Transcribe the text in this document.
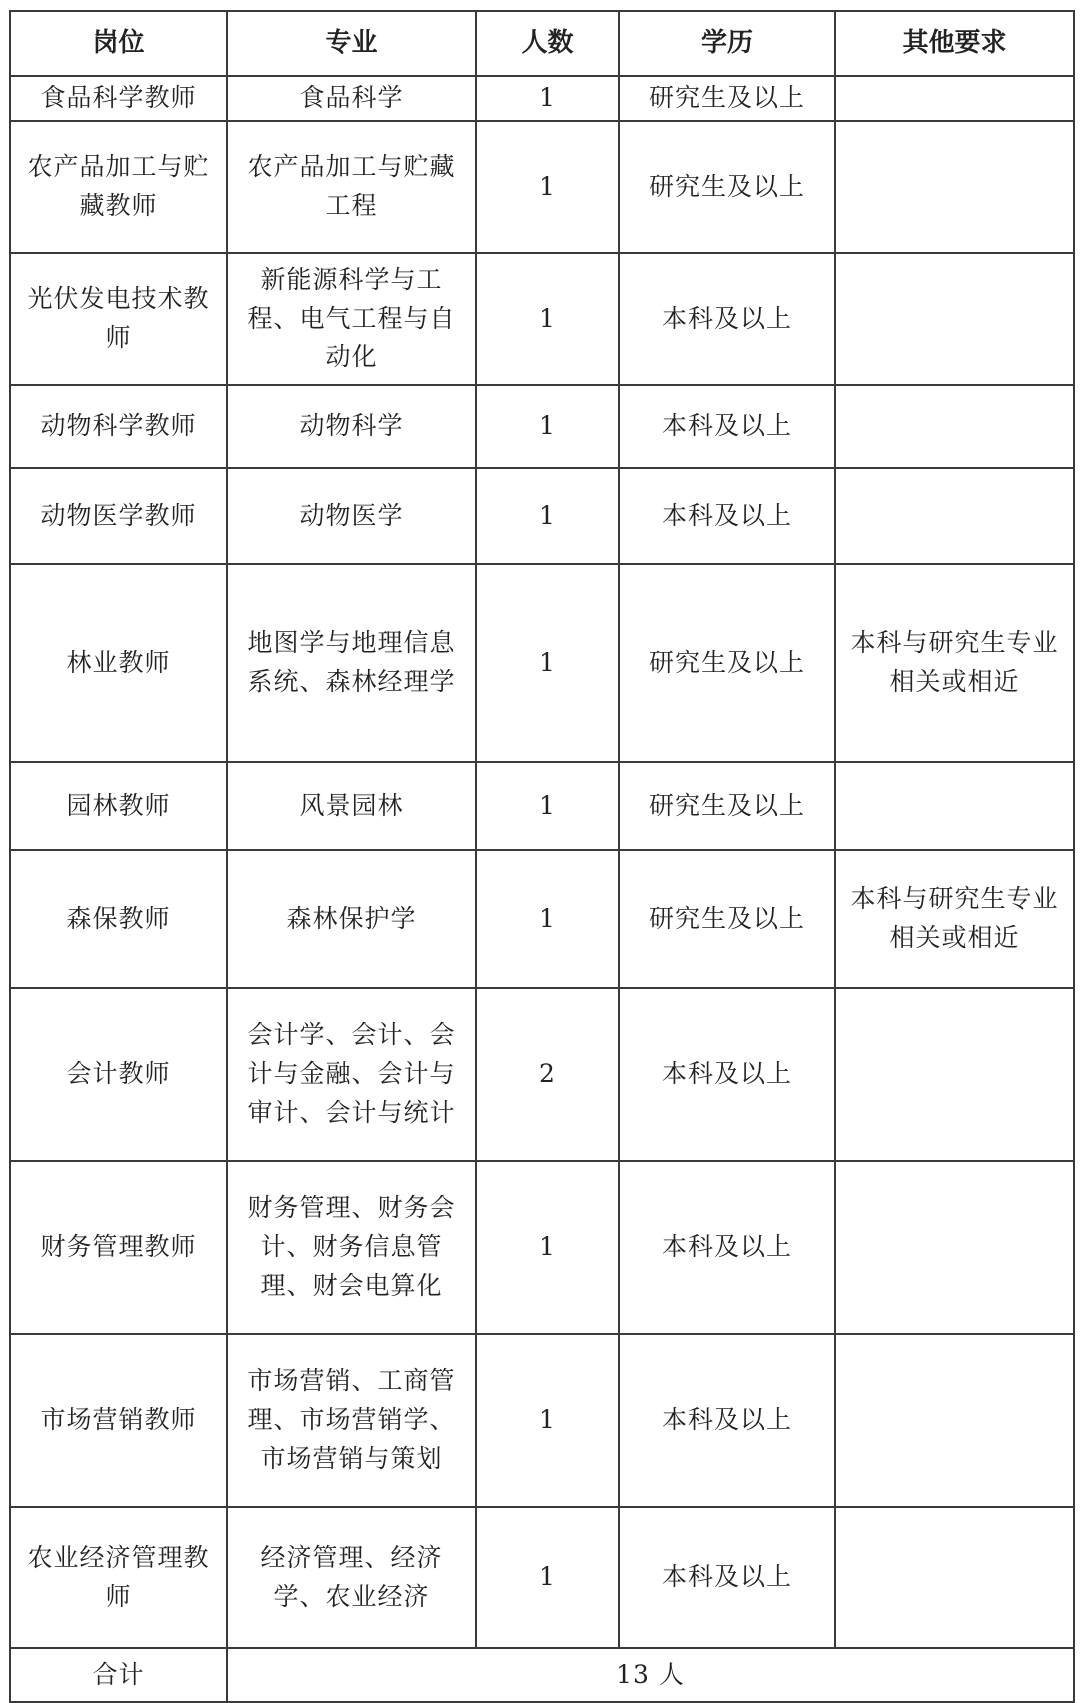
岗位	专业	人数	学历	其他要求
食品科学教师	食品科学	1	研究生及以上	
农产品加工与贮藏教师	农产品加工与贮藏工程	1	研究生及以上	
光伏发电技术教师	新能源科学与工程、电气工程与自动化	1	本科及以上	
动物科学教师	动物科学	1	本科及以上	
动物医学教师	动物医学	1	本科及以上	
林业教师	地图学与地理信息系统、森林经理学	1	研究生及以上	本科与研究生专业相关或相近
园林教师	风景园林	1	研究生及以上	
森保教师	森林保护学	1	研究生及以上	本科与研究生专业相关或相近
会计教师	会计学、会计、会计与金融、会计与审计、会计与统计	2	本科及以上	
财务管理教师	财务管理、财务会计、财务信息管理、财会电算化	1	本科及以上	
市场营销教师	市场营销、工商管理、市场营销学、市场营销与策划	1	本科及以上	
农业经济管理教师	经济管理、经济学、农业经济	1	本科及以上	
合计	13 人			
